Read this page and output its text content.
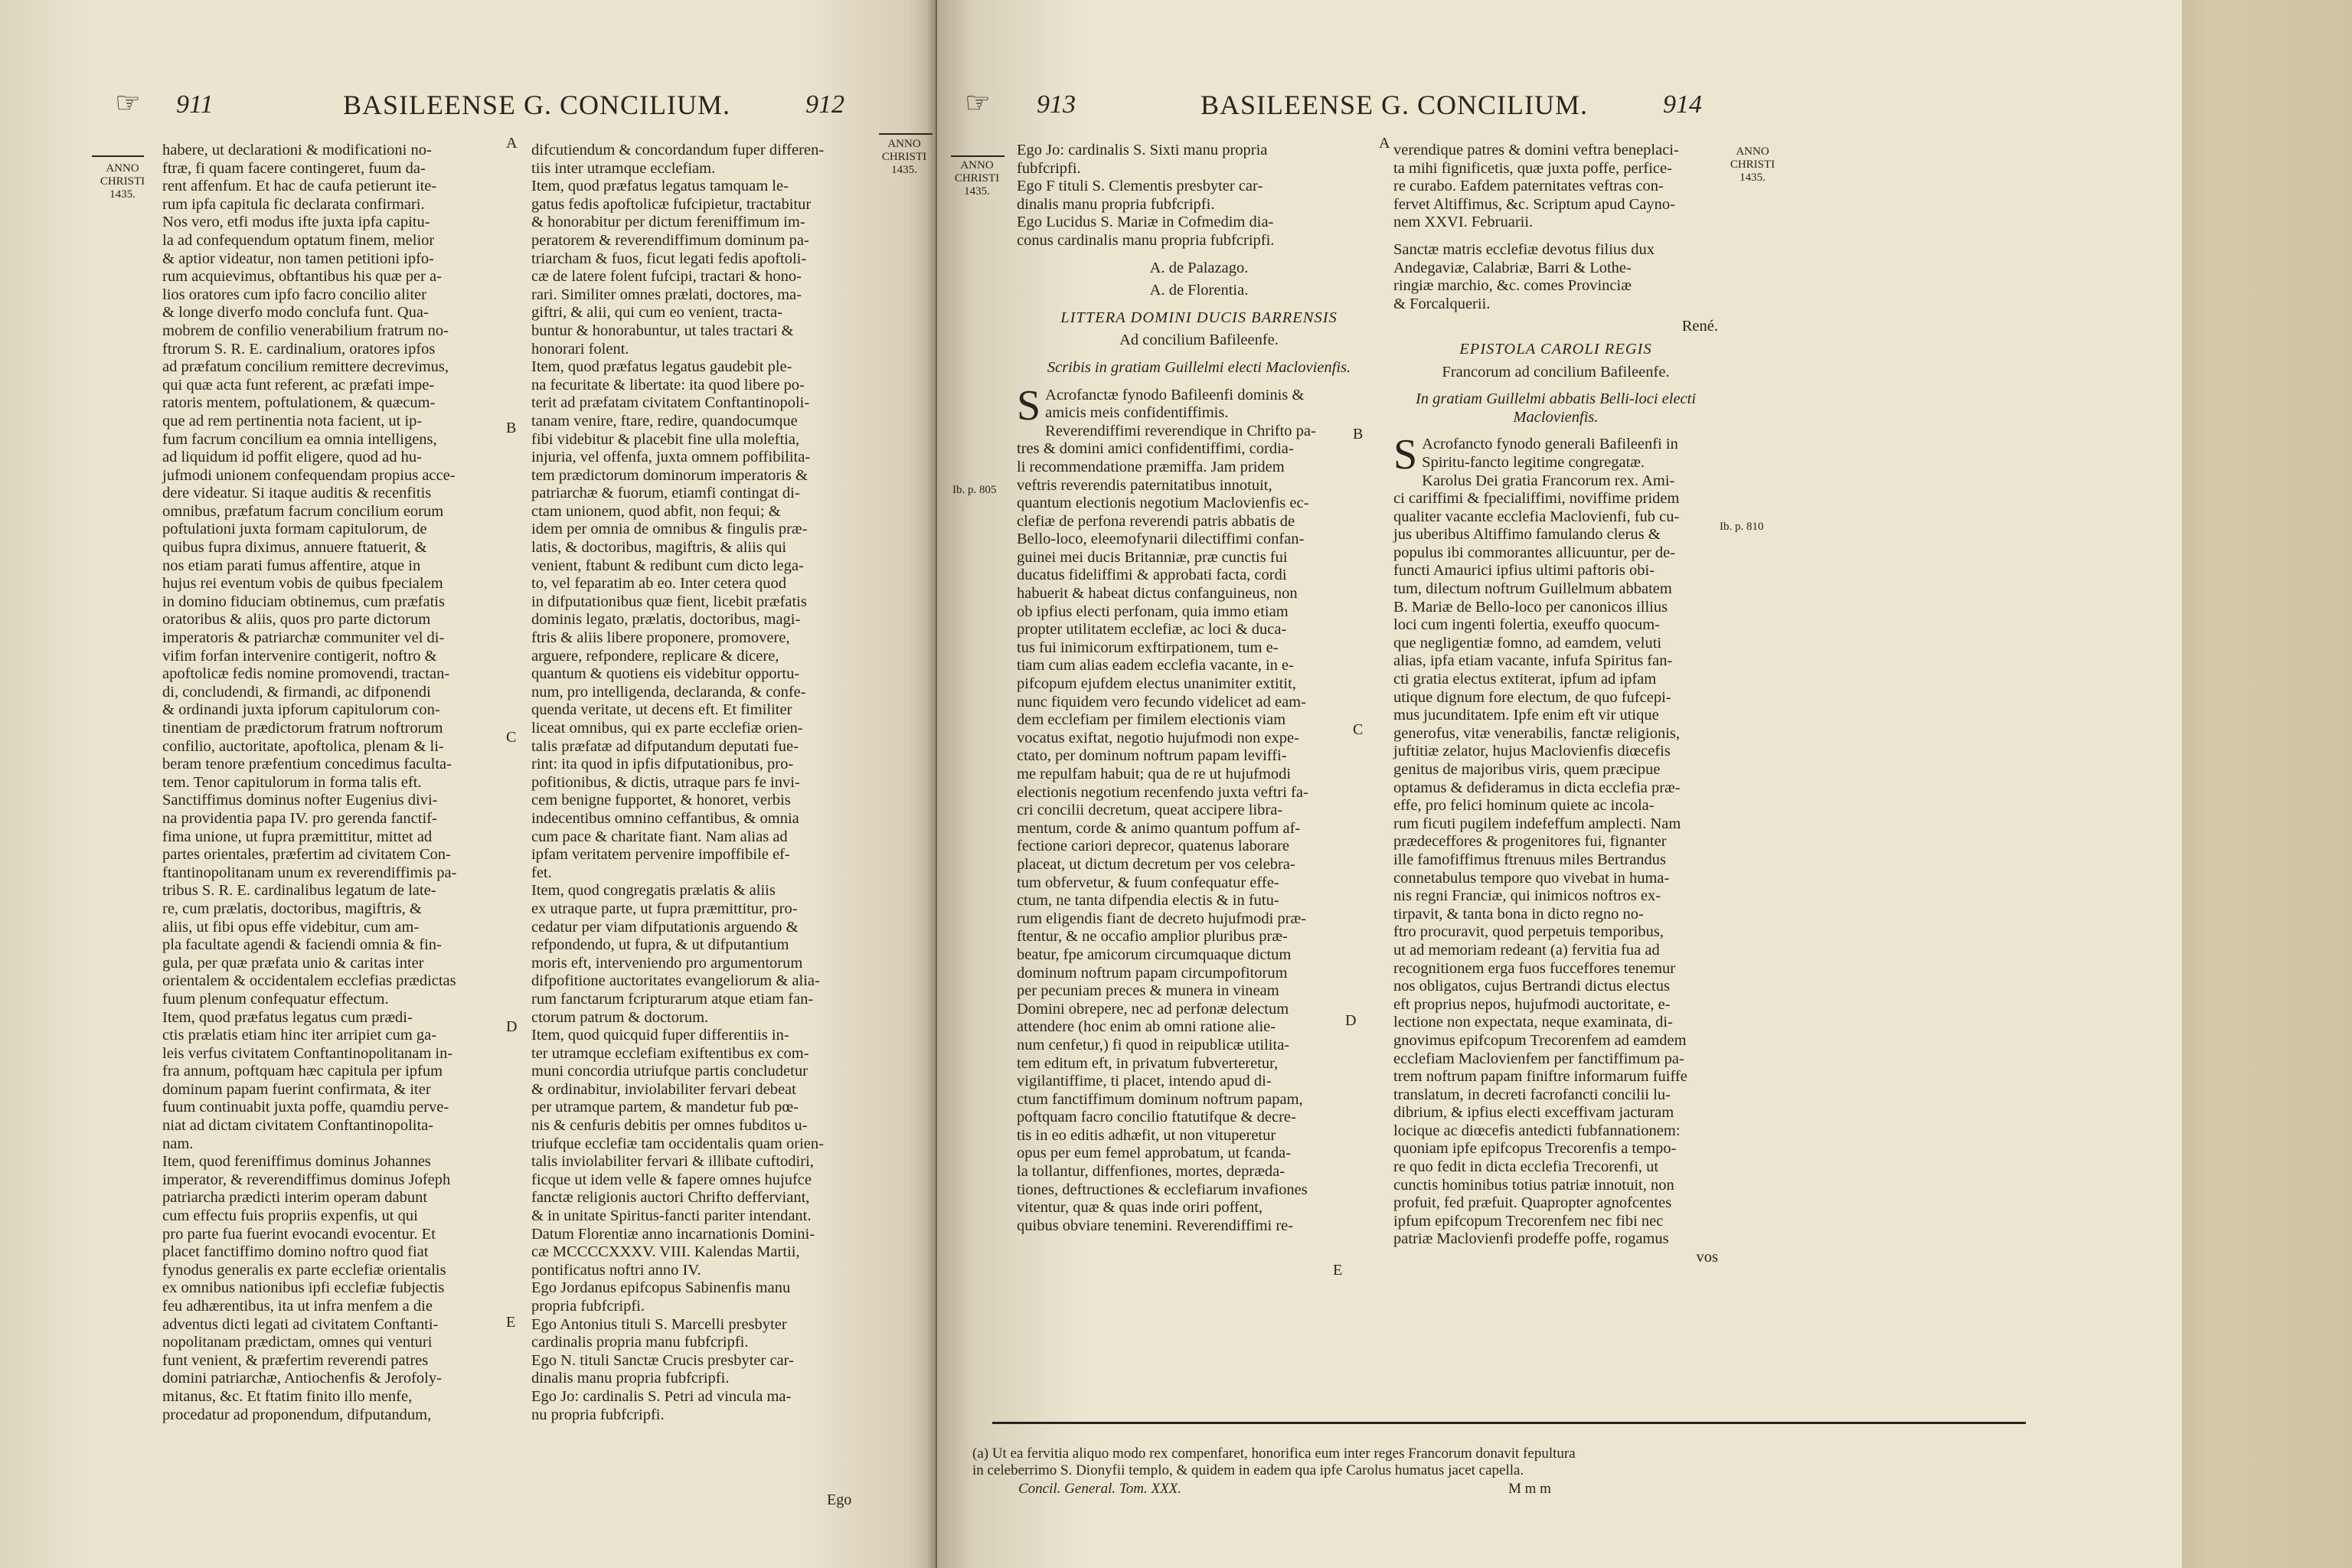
☞ 911	BASILEENSE G. CONCILIUM.	912
ANNO
CHRISTI
1435.
ANNO
CHRISTI
1435.

habere, ut declarationi & modificationi no-

ftræ, fi quam facere contingeret, fuum da-

rent affenfum. Et hac de caufa petierunt ite-

rum ipfa capitula fic declarata confirmari.

Nos vero, etfi modus ifte juxta ipfa capitu-

la ad confequendum optatum finem, melior

& aptior videatur, non tamen petitioni ipfo-

rum acquievimus, obftantibus his quæ per a-

lios oratores cum ipfo facro concilio aliter

& longe diverfo modo conclufa funt. Qua-

mobrem de confilio venerabilium fratrum no-

ftrorum S. R. E. cardinalium, oratores ipfos

ad præfatum concilium remittere decrevimus,

qui quæ acta funt referent, ac præfati impe-

ratoris mentem, poftulationem, & quæcum-

que ad rem pertinentia nota facient, ut ip-

fum facrum concilium ea omnia intelligens,

ad liquidum id poffit eligere, quod ad hu-

jufmodi unionem confequendam propius acce-

dere videatur. Si itaque auditis & recenfitis

omnibus, præfatum facrum concilium eorum

poftulationi juxta formam capitulorum, de

quibus fupra diximus, annuere ftatuerit, &

nos etiam parati fumus affentire, atque in

hujus rei eventum vobis de quibus fpecialem

in domino fiduciam obtinemus, cum præfatis

oratoribus & aliis, quos pro parte dictorum

imperatoris & patriarchæ communiter vel di-

vifim forfan intervenire contigerit, noftro &

apoftolicæ fedis nomine promovendi, tractan-

di, concludendi, & firmandi, ac difponendi

& ordinandi juxta ipforum capitulorum con-

tinentiam de prædictorum fratrum noftrorum

confilio, auctoritate, apoftolica, plenam & li-

beram tenore præfentium concedimus faculta-

tem. Tenor capitulorum in forma talis eft.

Sanctiffimus dominus nofter Eugenius divi-

na providentia papa IV. pro gerenda fanctif-

fima unione, ut fupra præmittitur, mittet ad

partes orientales, præfertim ad civitatem Con-

ftantinopolitanam unum ex reverendiffimis pa-

tribus S. R. E. cardinalibus legatum de late-

re, cum prælatis, doctoribus, magiftris, &

aliis, ut fibi opus effe videbitur, cum am-

pla facultate agendi & faciendi omnia & fin-

gula, per quæ præfata unio & caritas inter

orientalem & occidentalem ecclefias prædictas

fuum plenum confequatur effectum.

Item, quod præfatus legatus cum prædi-

ctis prælatis etiam hinc iter arripiet cum ga-

leis verfus civitatem Conftantinopolitanam in-

fra annum, poftquam hæc capitula per ipfum

dominum papam fuerint confirmata, & iter

fuum continuabit juxta poffe, quamdiu perve-

niat ad dictam civitatem Conftantinopolita-

nam.

Item, quod fereniffimus dominus Johannes

imperator, & reverendiffimus dominus Jofeph

patriarcha prædicti interim operam dabunt

cum effectu fuis propriis expenfis, ut qui

pro parte fua fuerint evocandi evocentur. Et

placet fanctiffimo domino noftro quod fiat

fynodus generalis ex parte ecclefiæ orientalis

ex omnibus nationibus ipfi ecclefiæ fubjectis

feu adhærentibus, ita ut infra menfem a die

adventus dicti legati ad civitatem Conftanti-

nopolitanam prædictam, omnes qui venturi

funt venient, & præfertim reverendi patres

domini patriarchæ, Antiochenfis & Jerofoly-

mitanus, &c. Et ftatim finito illo menfe,

procedatur ad proponendum, difputandum,

difcutiendum & concordandum fuper differen-

tiis inter utramque ecclefiam.

Item, quod præfatus legatus tamquam le-

gatus fedis apoftolicæ fufcipietur, tractabitur

& honorabitur per dictum fereniffimum im-

peratorem & reverendiffimum dominum pa-

triarcham & fuos, ficut legati fedis apoftoli-

cæ de latere folent fufcipi, tractari & hono-

rari. Similiter omnes prælati, doctores, ma-

giftri, & alii, qui cum eo venient, tracta-

buntur & honorabuntur, ut tales tractari &

honorari folent.

Item, quod præfatus legatus gaudebit ple-

na fecuritate & libertate: ita quod libere po-

terit ad præfatam civitatem Conftantinopoli-

tanam venire, ftare, redire, quandocumque

fibi videbitur & placebit fine ulla moleftia,

injuria, vel offenfa, juxta omnem poffibilita-

tem prædictorum dominorum imperatoris &

patriarchæ & fuorum, etiamfi contingat di-

ctam unionem, quod abfit, non fequi; &

idem per omnia de omnibus & fingulis præ-

latis, & doctoribus, magiftris, & aliis qui

venient, ftabunt & redibunt cum dicto lega-

to, vel feparatim ab eo. Inter cetera quod

in difputationibus quæ fient, licebit præfatis

dominis legato, prælatis, doctoribus, magi-

ftris & aliis libere proponere, promovere,

arguere, refpondere, replicare & dicere,

quantum & quotiens eis videbitur opportu-

num, pro intelligenda, declaranda, & confe-

quenda veritate, ut decens eft. Et fimiliter

liceat omnibus, qui ex parte ecclefiæ orien-

talis præfatæ ad difputandum deputati fue-

rint: ita quod in ipfis difputationibus, pro-

pofitionibus, & dictis, utraque pars fe invi-

cem benigne fupportet, & honoret, verbis

indecentibus omnino ceffantibus, & omnia

cum pace & charitate fiant. Nam alias ad

ipfam veritatem pervenire impoffibile ef-

fet.

Item, quod congregatis prælatis & aliis

ex utraque parte, ut fupra præmittitur, pro-

cedatur per viam difputationis arguendo &

refpondendo, ut fupra, & ut difputantium

moris eft, interveniendo pro argumentorum

difpofitione auctoritates evangeliorum & alia-

rum fanctarum fcripturarum atque etiam fan-

ctorum patrum & doctorum.

Item, quod quicquid fuper differentiis in-

ter utramque ecclefiam exiftentibus ex com-

muni concordia utriufque partis concludetur

& ordinabitur, inviolabiliter fervari debeat

per utramque partem, & mandetur fub pœ-

nis & cenfuris debitis per omnes fubditos u-

triufque ecclefiæ tam occidentalis quam orien-

talis inviolabiliter fervari & illibate cuftodiri,

ficque ut idem velle & fapere omnes hujufce

fanctæ religionis auctori Chrifto defferviant,

& in unitate Spiritus-fancti pariter intendant.

Datum Florentiæ anno incarnationis Domini-

cæ MCCCCXXXV. VIII. Kalendas Martii,

pontificatus noftri anno IV.

Ego Jordanus epifcopus Sabinenfis manu

propria fubfcripfi.

Ego Antonius tituli S. Marcelli presbyter

cardinalis propria manu fubfcripfi.

Ego N. tituli Sanctæ Crucis presbyter car-

dinalis manu propria fubfcripfi.

Ego Jo: cardinalis S. Petri ad vincula ma-

nu propria fubfcripfi.

A
B
C
D
E
Ego
☞ 913	BASILEENSE G. CONCILIUM.	914
ANNO
CHRISTI
1435.
ANNO
CHRISTI
1435.

Ego Jo: cardinalis S. Sixti manu propria

fubfcripfi.

Ego F tituli S. Clementis presbyter car-

dinalis manu propria fubfcripfi.

Ego Lucidus S. Mariæ in Cofmedim dia-

conus cardinalis manu propria fubfcripfi.

A. de Palazago.

A. de Florentia.

LITTERA DOMINI DUCIS BARRENSIS

Ad concilium Bafileenfe.

Scribis in gratiam Guillelmi electi Maclovienfis.

S Acrofanctæ fynodo Bafileenfi dominis &

amicis meis confidentiffimis.

Reverendiffimi reverendique in Chrifto pa-

tres & domini amici confidentiffimi, cordia-

li recommendatione præmiffa. Jam pridem

veftris reverendis paternitatibus innotuit,

quantum electionis negotium Maclovienfis ec-

clefiæ de perfona reverendi patris abbatis de

Bello-loco, eleemofynarii dilectiffimi confan-

guinei mei ducis Britanniæ, præ cunctis fui

ducatus fideliffimi & approbati facta, cordi

habuerit & habeat dictus confanguineus, non

ob ipfius electi perfonam, quia immo etiam

propter utilitatem ecclefiæ, ac loci & duca-

tus fui inimicorum exftirpationem, tum e-

tiam cum alias eadem ecclefia vacante, in e-

pifcopum ejufdem electus unanimiter extitit,

nunc fiquidem vero fecundo videlicet ad eam-

dem ecclefiam per fimilem electionis viam

vocatus exiftat, negotio hujufmodi non expe-

ctato, per dominum noftrum papam leviffi-

me repulfam habuit; qua de re ut hujufmodi

electionis negotium recenfendo juxta veftri fa-

cri concilii decretum, queat accipere libra-

mentum, corde & animo quantum poffum af-

fectione cariori deprecor, quatenus laborare

placeat, ut dictum decretum per vos celebra-

tum obfervetur, & fuum confequatur effe-

ctum, ne tanta difpendia electis & in futu-

rum eligendis fiant de decreto hujufmodi præ-

ftentur, & ne occafio amplior pluribus præ-

beatur, fpe amicorum circumquaque dictum

dominum noftrum papam circumpofitorum

per pecuniam preces & munera in vineam

Domini obrepere, nec ad perfonæ delectum

attendere (hoc enim ab omni ratione alie-

num cenfetur,) fi quod in reipublicæ utilita-

tem editum eft, in privatum fubverteretur,

vigilantiffime, ti placet, intendo apud di-

ctum fanctiffimum dominum noftrum papam,

poftquam facro concilio ftatutifque & decre-

tis in eo editis adhæfit, ut non vituperetur

opus per eum femel approbatum, ut fcanda-

la tollantur, diffenfiones, mortes, depræda-

tiones, deftructiones & ecclefiarum invafiones

vitentur, quæ & quas inde oriri poffent,

quibus obviare tenemini. Reverendiffimi re-

verendique patres & domini veftra beneplaci-

ta mihi fignificetis, quæ juxta poffe, perfice-

re curabo. Eafdem paternitates veftras con-

fervet Altiffimus, &c. Scriptum apud Cayno-

nem XXVI. Februarii.

Sanctæ matris ecclefiæ devotus filius dux

Andegaviæ, Calabriæ, Barri & Lothe-

ringiæ marchio, &c. comes Provinciæ

& Forcalquerii.

René.

EPISTOLA CAROLI REGIS

Francorum ad concilium Bafileenfe.

In gratiam Guillelmi abbatis Belli-loci electi Maclovienfis.

S Acrofancto fynodo generali Bafileenfi in

Spiritu-fancto legitime congregatæ.

Karolus Dei gratia Francorum rex. Ami-

ci cariffimi & fpecialiffimi, noviffime pridem

qualiter vacante ecclefia Maclovienfi, fub cu-

jus uberibus Altiffimo famulando clerus &

populus ibi commorantes allicuuntur, per de-

functi Amaurici ipfius ultimi paftoris obi-

tum, dilectum noftrum Guillelmum abbatem

B. Mariæ de Bello-loco per canonicos illius

loci cum ingenti folertia, exeuffo quocum-

que negligentiæ fomno, ad eamdem, veluti

alias, ipfa etiam vacante, infufa Spiritus fan-

cti gratia electus extiterat, ipfum ad ipfam

utique dignum fore electum, de quo fufcepi-

mus jucunditatem. Ipfe enim eft vir utique

generofus, vitæ venerabilis, fanctæ religionis,

juftitiæ zelator, hujus Maclovienfis diœcefis

genitus de majoribus viris, quem præcipue

optamus & defideramus in dicta ecclefia præ-

effe, pro felici hominum quiete ac incola-

rum ficuti pugilem indefeffum amplecti. Nam

prædeceffores & progenitores fui, fignanter

ille famofiffimus ftrenuus miles Bertrandus

connetabulus tempore quo vivebat in huma-

nis regni Franciæ, qui inimicos noftros ex-

tirpavit, & tanta bona in dicto regno no-

ftro procuravit, quod perpetuis temporibus,

ut ad memoriam redeant (a) fervitia fua ad

recognitionem erga fuos fucceffores tenemur

nos obligatos, cujus Bertrandi dictus electus

eft proprius nepos, hujufmodi auctoritate, e-

lectione non expectata, neque examinata, di-

gnovimus epifcopum Trecorenfem ad eamdem

ecclefiam Maclovienfem per fanctiffimum pa-

trem noftrum papam finiftre informarum fuiffe

translatum, in decreti facrofancti concilii lu-

dibrium, & ipfius electi exceffivam jacturam

locique ac diœcefis antedicti fubfannationem:

quoniam ipfe epifcopus Trecorenfis a tempo-

re quo fedit in dicta ecclefia Trecorenfi, ut

cunctis hominibus totius patriæ innotuit, non

profuit, fed præfuit. Quapropter agnofcentes

ipfum epifcopum Trecorenfem nec fibi nec

patriæ Maclovienfi prodeffe poffe, rogamus

vos

Ib. p. 805
Ib. p. 810
A
B
C
D
E

(a) Ut ea fervitia aliquo modo rex compenfaret, honorifica eum inter reges Francorum donavit fepultura

in celeberrimo S. Dionyfii templo, & quidem in eadem qua ipfe Carolus humatus jacet capella.

Concil. General. Tom. XXX.	M m m
